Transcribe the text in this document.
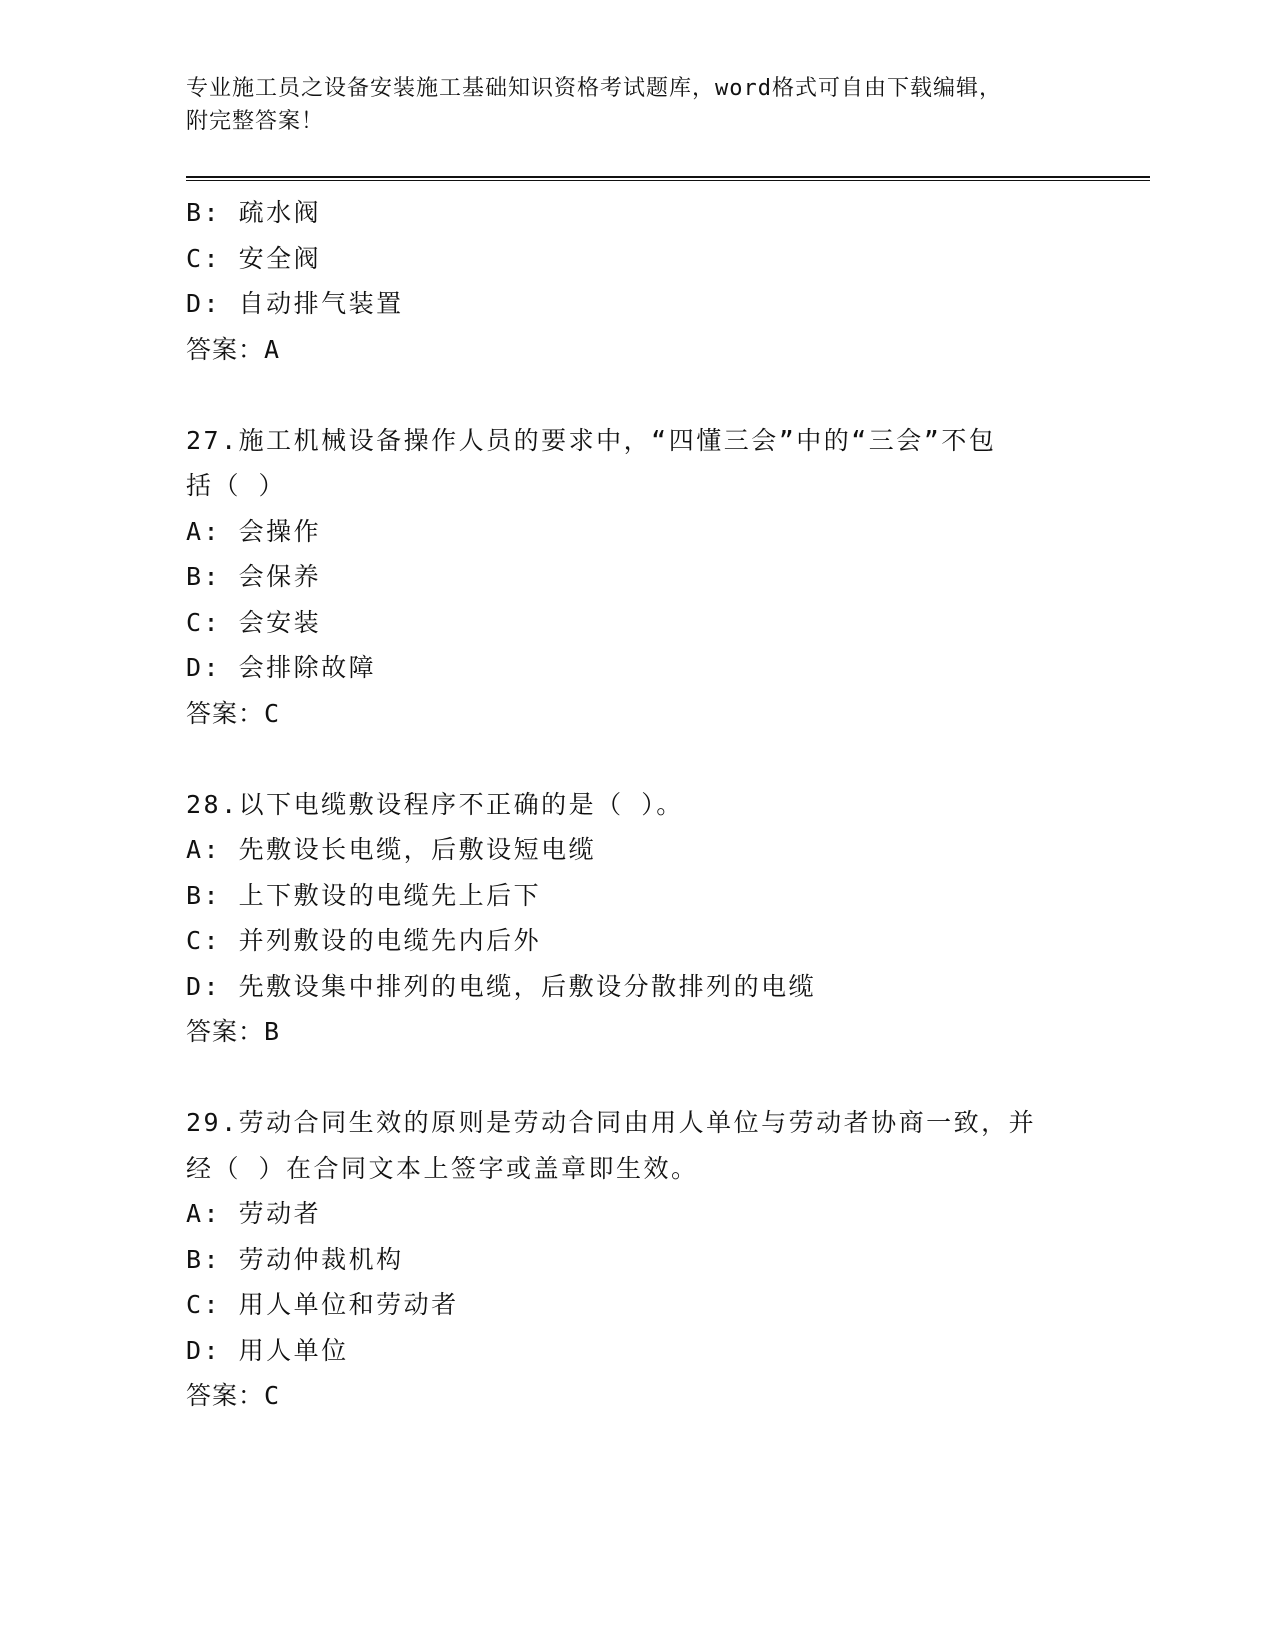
专业施工员之设备安装施工基础知识资格考试题库，word格式可自由下载编辑，
附完整答案！
B: 疏水阀
C: 安全阀
D: 自动排气装置
答案：A
27.施工机械设备操作人员的要求中，“四懂三会”中的“三会”不包
括（ ）
A: 会操作
B: 会保养
C: 会安装
D: 会排除故障
答案：C
28.以下电缆敷设程序不正确的是（ ）。
A: 先敷设长电缆，后敷设短电缆
B: 上下敷设的电缆先上后下
C: 并列敷设的电缆先内后外
D: 先敷设集中排列的电缆，后敷设分散排列的电缆
答案：B
29.劳动合同生效的原则是劳动合同由用人单位与劳动者协商一致，并
经（ ）在合同文本上签字或盖章即生效。
A: 劳动者
B: 劳动仲裁机构
C: 用人单位和劳动者
D: 用人单位
答案：C
